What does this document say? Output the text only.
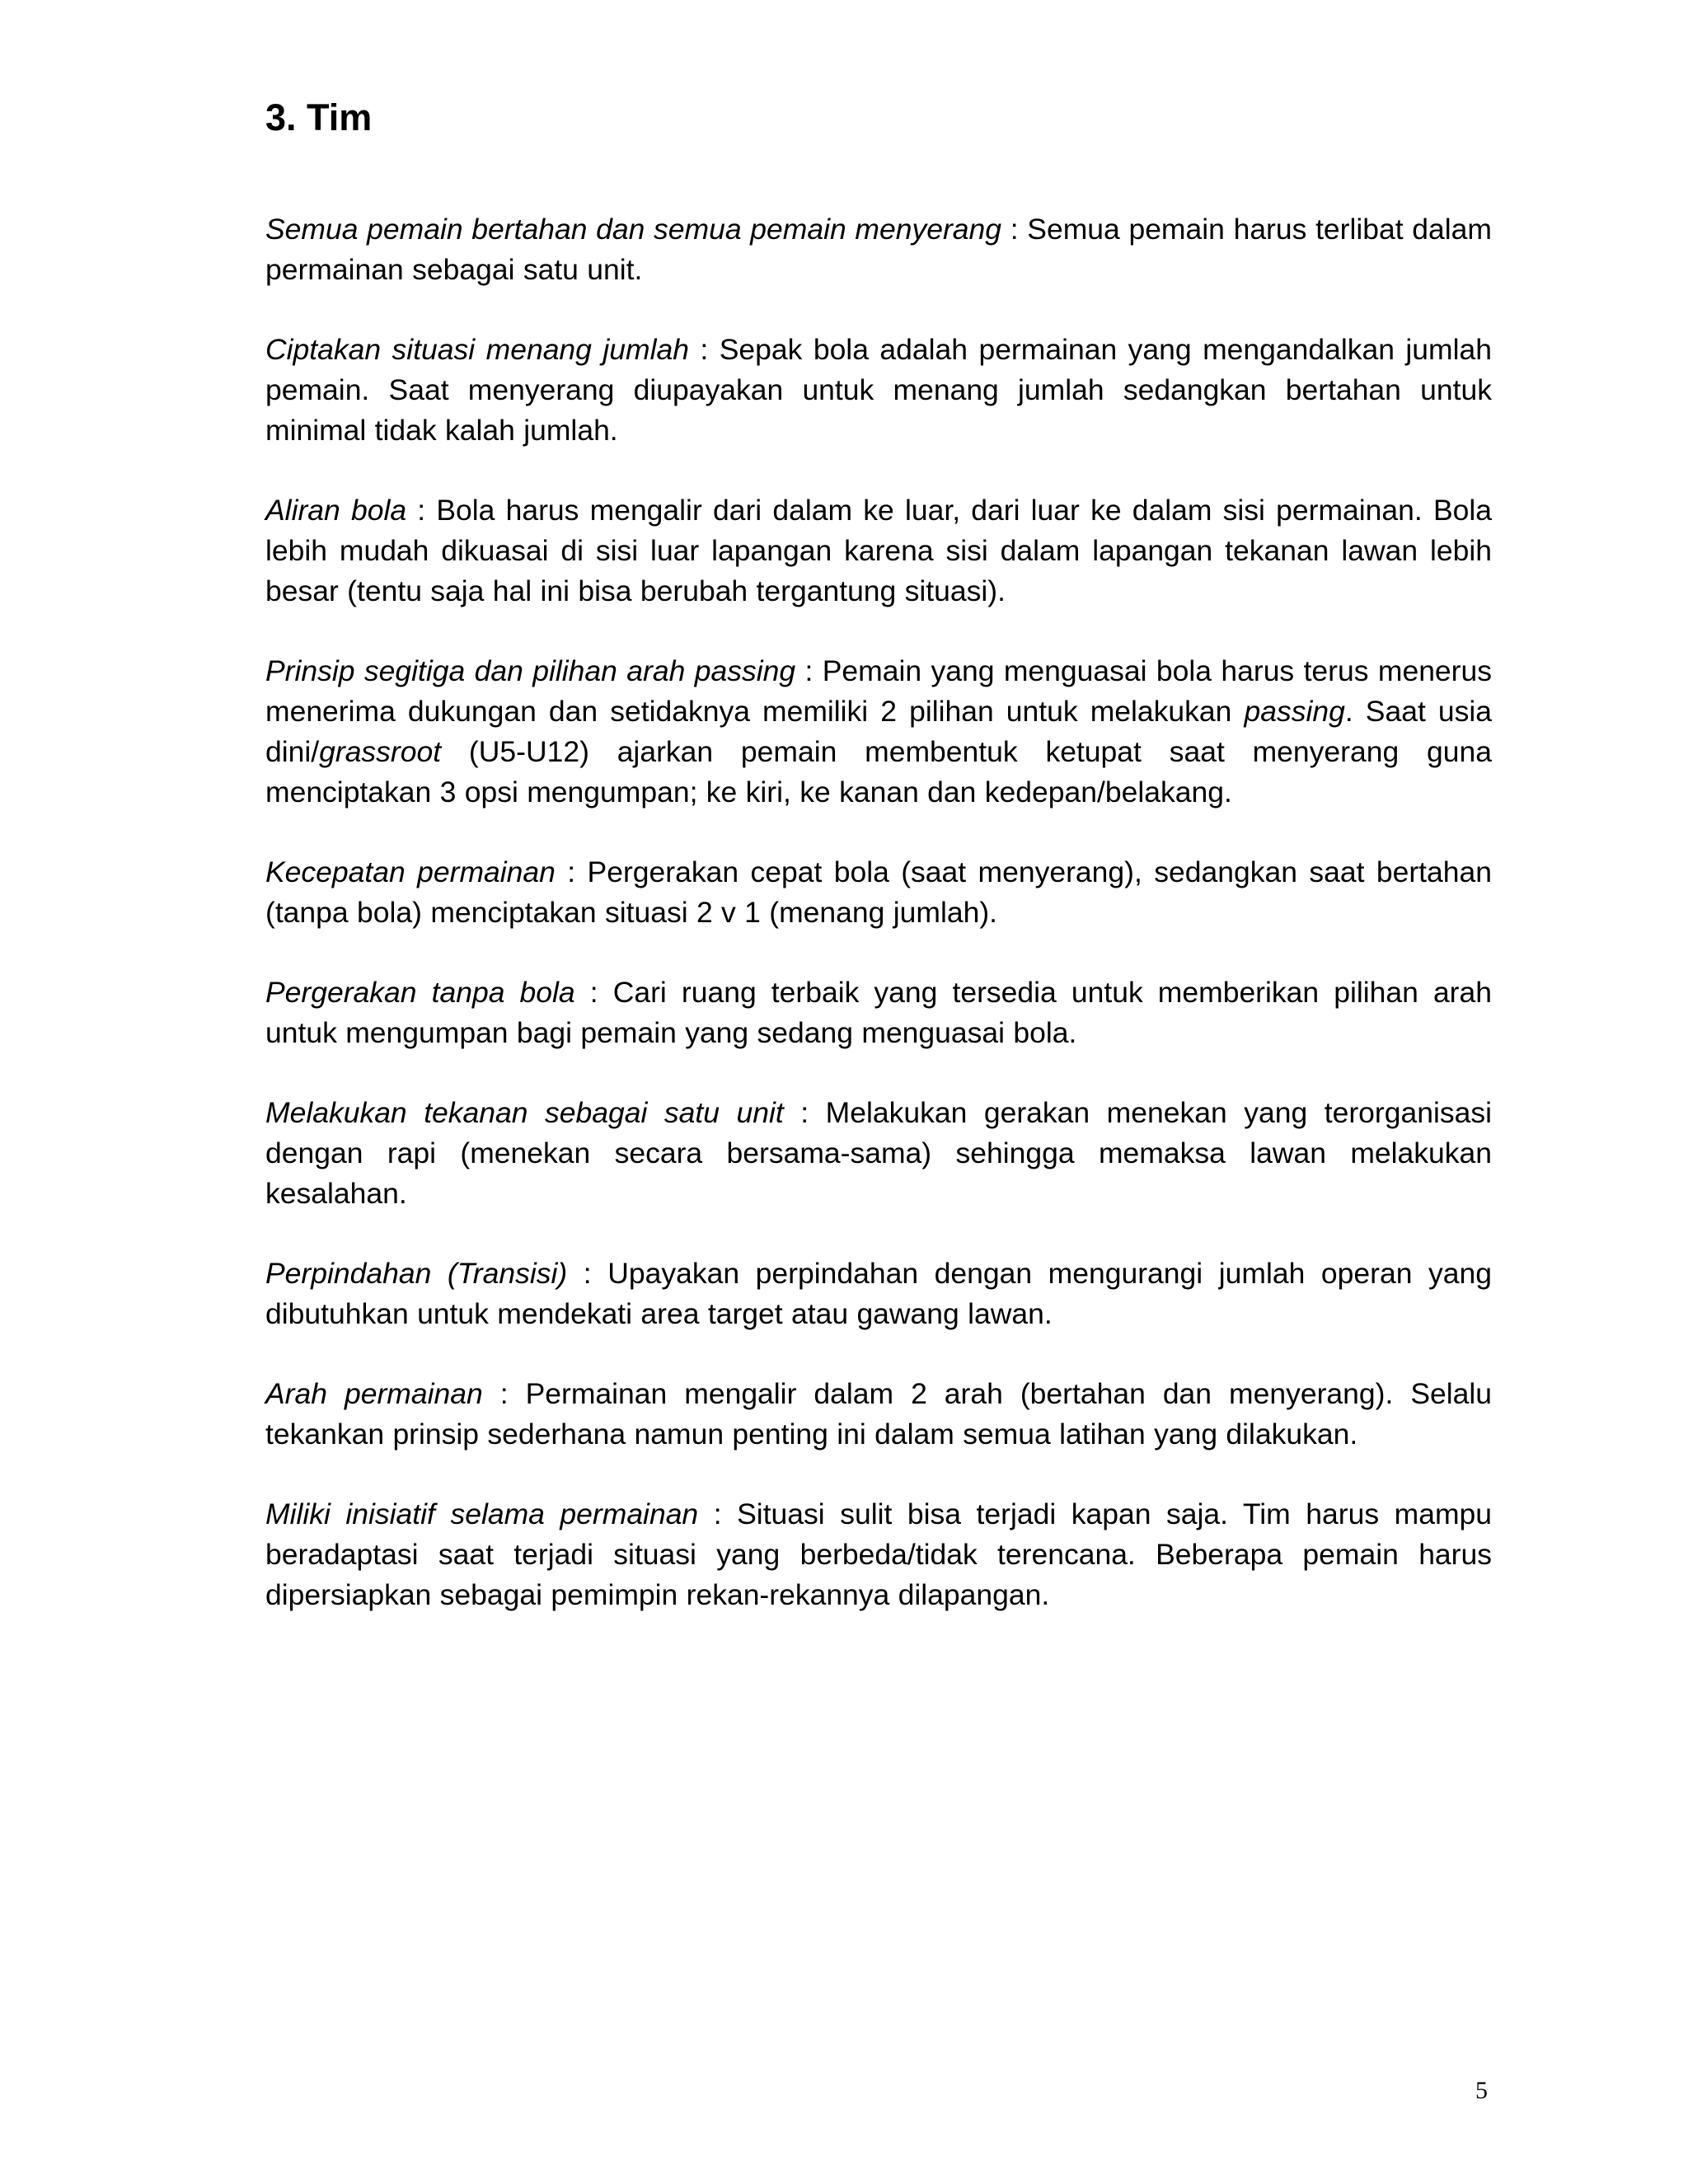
3. Tim

Semua pemain bertahan dan semua pemain menyerang : Semua pemain harus terlibat dalam permainan sebagai satu unit.

Ciptakan situasi menang jumlah : Sepak bola adalah permainan yang mengandalkan jumlah pemain. Saat menyerang diupayakan untuk menang jumlah sedangkan bertahan untuk minimal tidak kalah jumlah.

Aliran bola : Bola harus mengalir dari dalam ke luar, dari luar ke dalam sisi permainan. Bola lebih mudah dikuasai di sisi luar lapangan karena sisi dalam lapangan tekanan lawan lebih besar (tentu saja hal ini bisa berubah tergantung situasi).

Prinsip segitiga dan pilihan arah passing : Pemain yang menguasai bola harus terus menerus menerima dukungan dan setidaknya memiliki 2 pilihan untuk melakukan passing. Saat usia dini/grassroot (U5-U12) ajarkan pemain membentuk ketupat saat menyerang guna menciptakan 3 opsi mengumpan; ke kiri, ke kanan dan kedepan/belakang.

Kecepatan permainan : Pergerakan cepat bola (saat menyerang), sedangkan saat bertahan (tanpa bola) menciptakan situasi 2 v 1 (menang jumlah).

Pergerakan tanpa bola : Cari ruang terbaik yang tersedia untuk memberikan pilihan arah untuk mengumpan bagi pemain yang sedang menguasai bola.

Melakukan tekanan sebagai satu unit : Melakukan gerakan menekan yang terorganisasi dengan rapi (menekan secara bersama-sama) sehingga memaksa lawan melakukan kesalahan.

Perpindahan (Transisi) : Upayakan perpindahan dengan mengurangi jumlah operan yang dibutuhkan untuk mendekati area target atau gawang lawan.

Arah permainan : Permainan mengalir dalam 2 arah (bertahan dan menyerang). Selalu tekankan prinsip sederhana namun penting ini dalam semua latihan yang dilakukan.

Miliki inisiatif selama permainan : Situasi sulit bisa terjadi kapan saja. Tim harus mampu beradaptasi saat terjadi situasi yang berbeda/tidak terencana. Beberapa pemain harus dipersiapkan sebagai pemimpin rekan-rekannya dilapangan.

5
